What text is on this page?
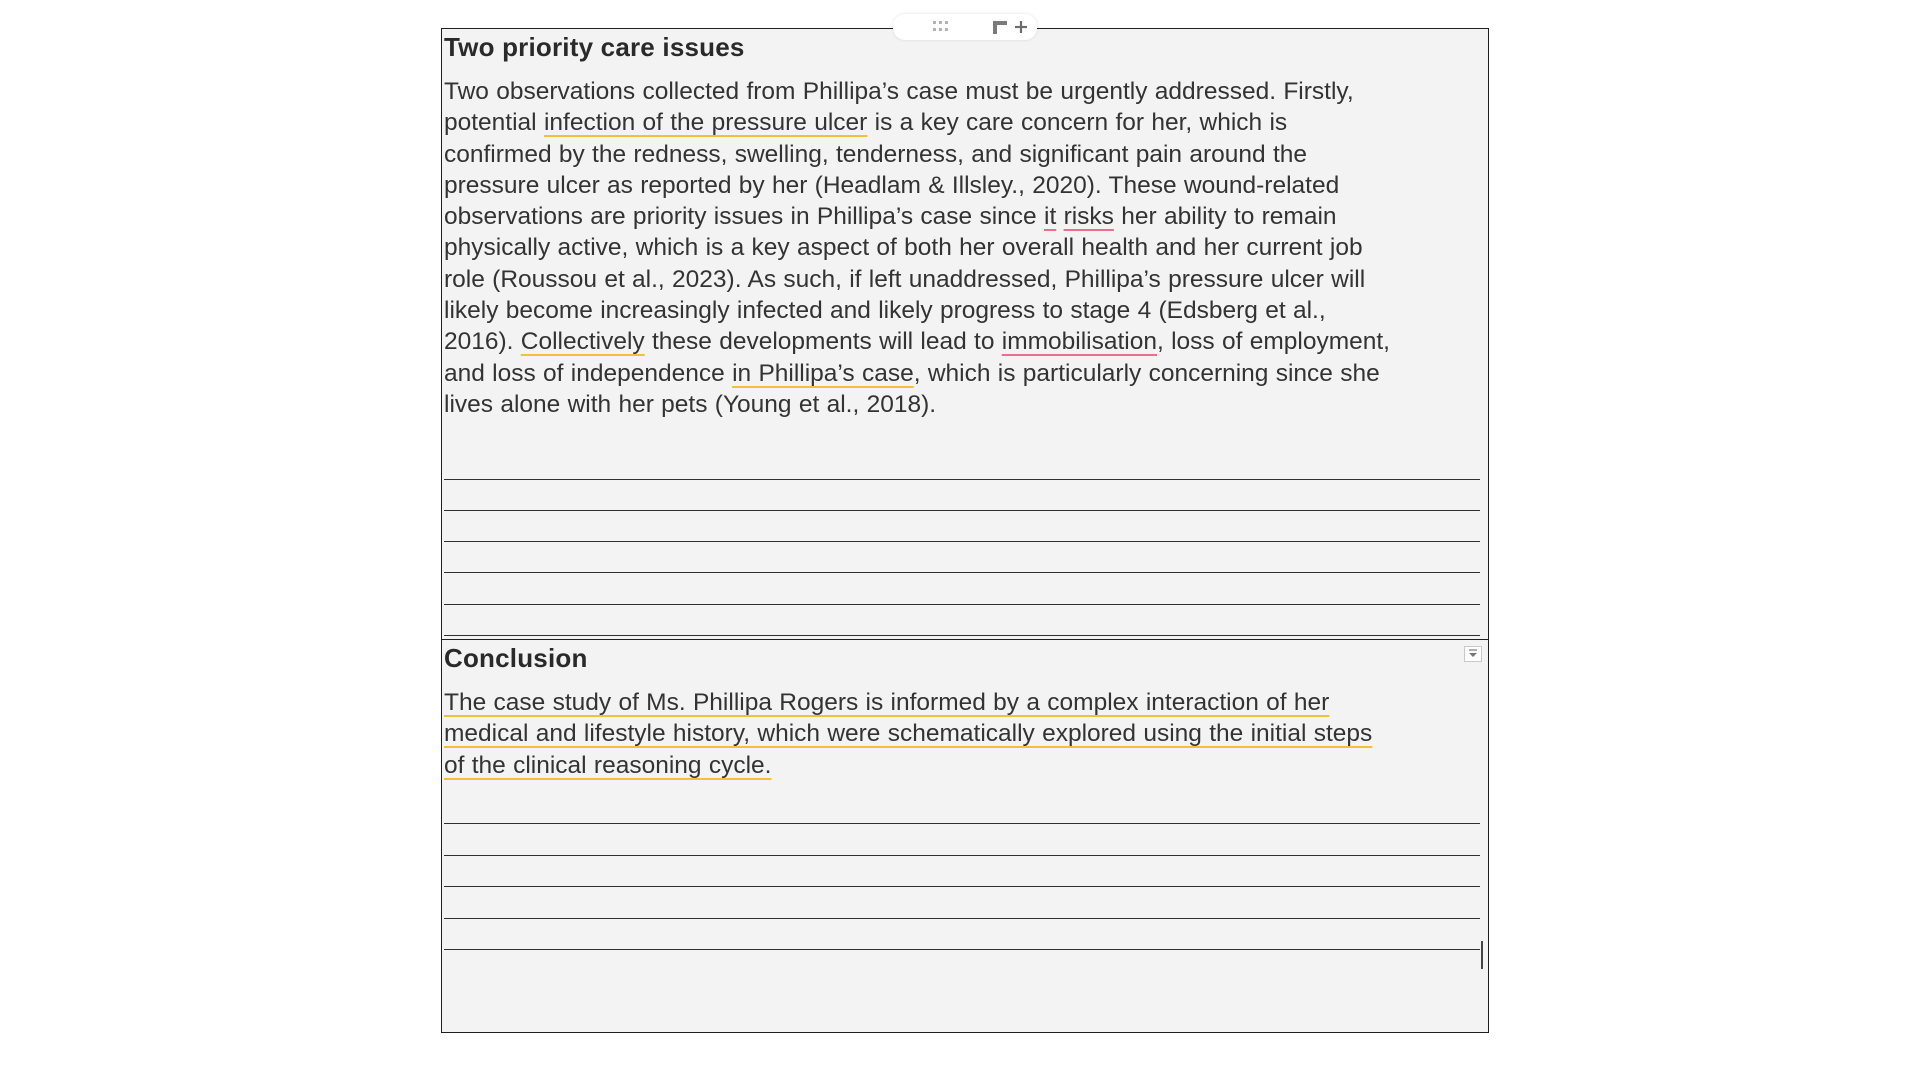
Two priority care issues
Two observations collected from Phillipa’s case must be urgently addressed. Firstly,
potential infection of the pressure ulcer is a key care concern for her, which is
confirmed by the redness, swelling, tenderness, and significant pain around the
pressure ulcer as reported by her (Headlam & Illsley., 2020). These wound-related
observations are priority issues in Phillipa’s case since it risks her ability to remain
physically active, which is a key aspect of both her overall health and her current job
role (Roussou et al., 2023). As such, if left unaddressed, Phillipa’s pressure ulcer will
likely become increasingly infected and likely progress to stage 4 (Edsberg et al.,
2016). Collectively these developments will lead to immobilisation, loss of employment,
and loss of independence in Phillipa’s case, which is particularly concerning since she
lives alone with her pets (Young et al., 2018).
Conclusion
The case study of Ms. Phillipa Rogers is informed by a complex interaction of her
medical and lifestyle history, which were schematically explored using the initial steps
of the clinical reasoning cycle.
